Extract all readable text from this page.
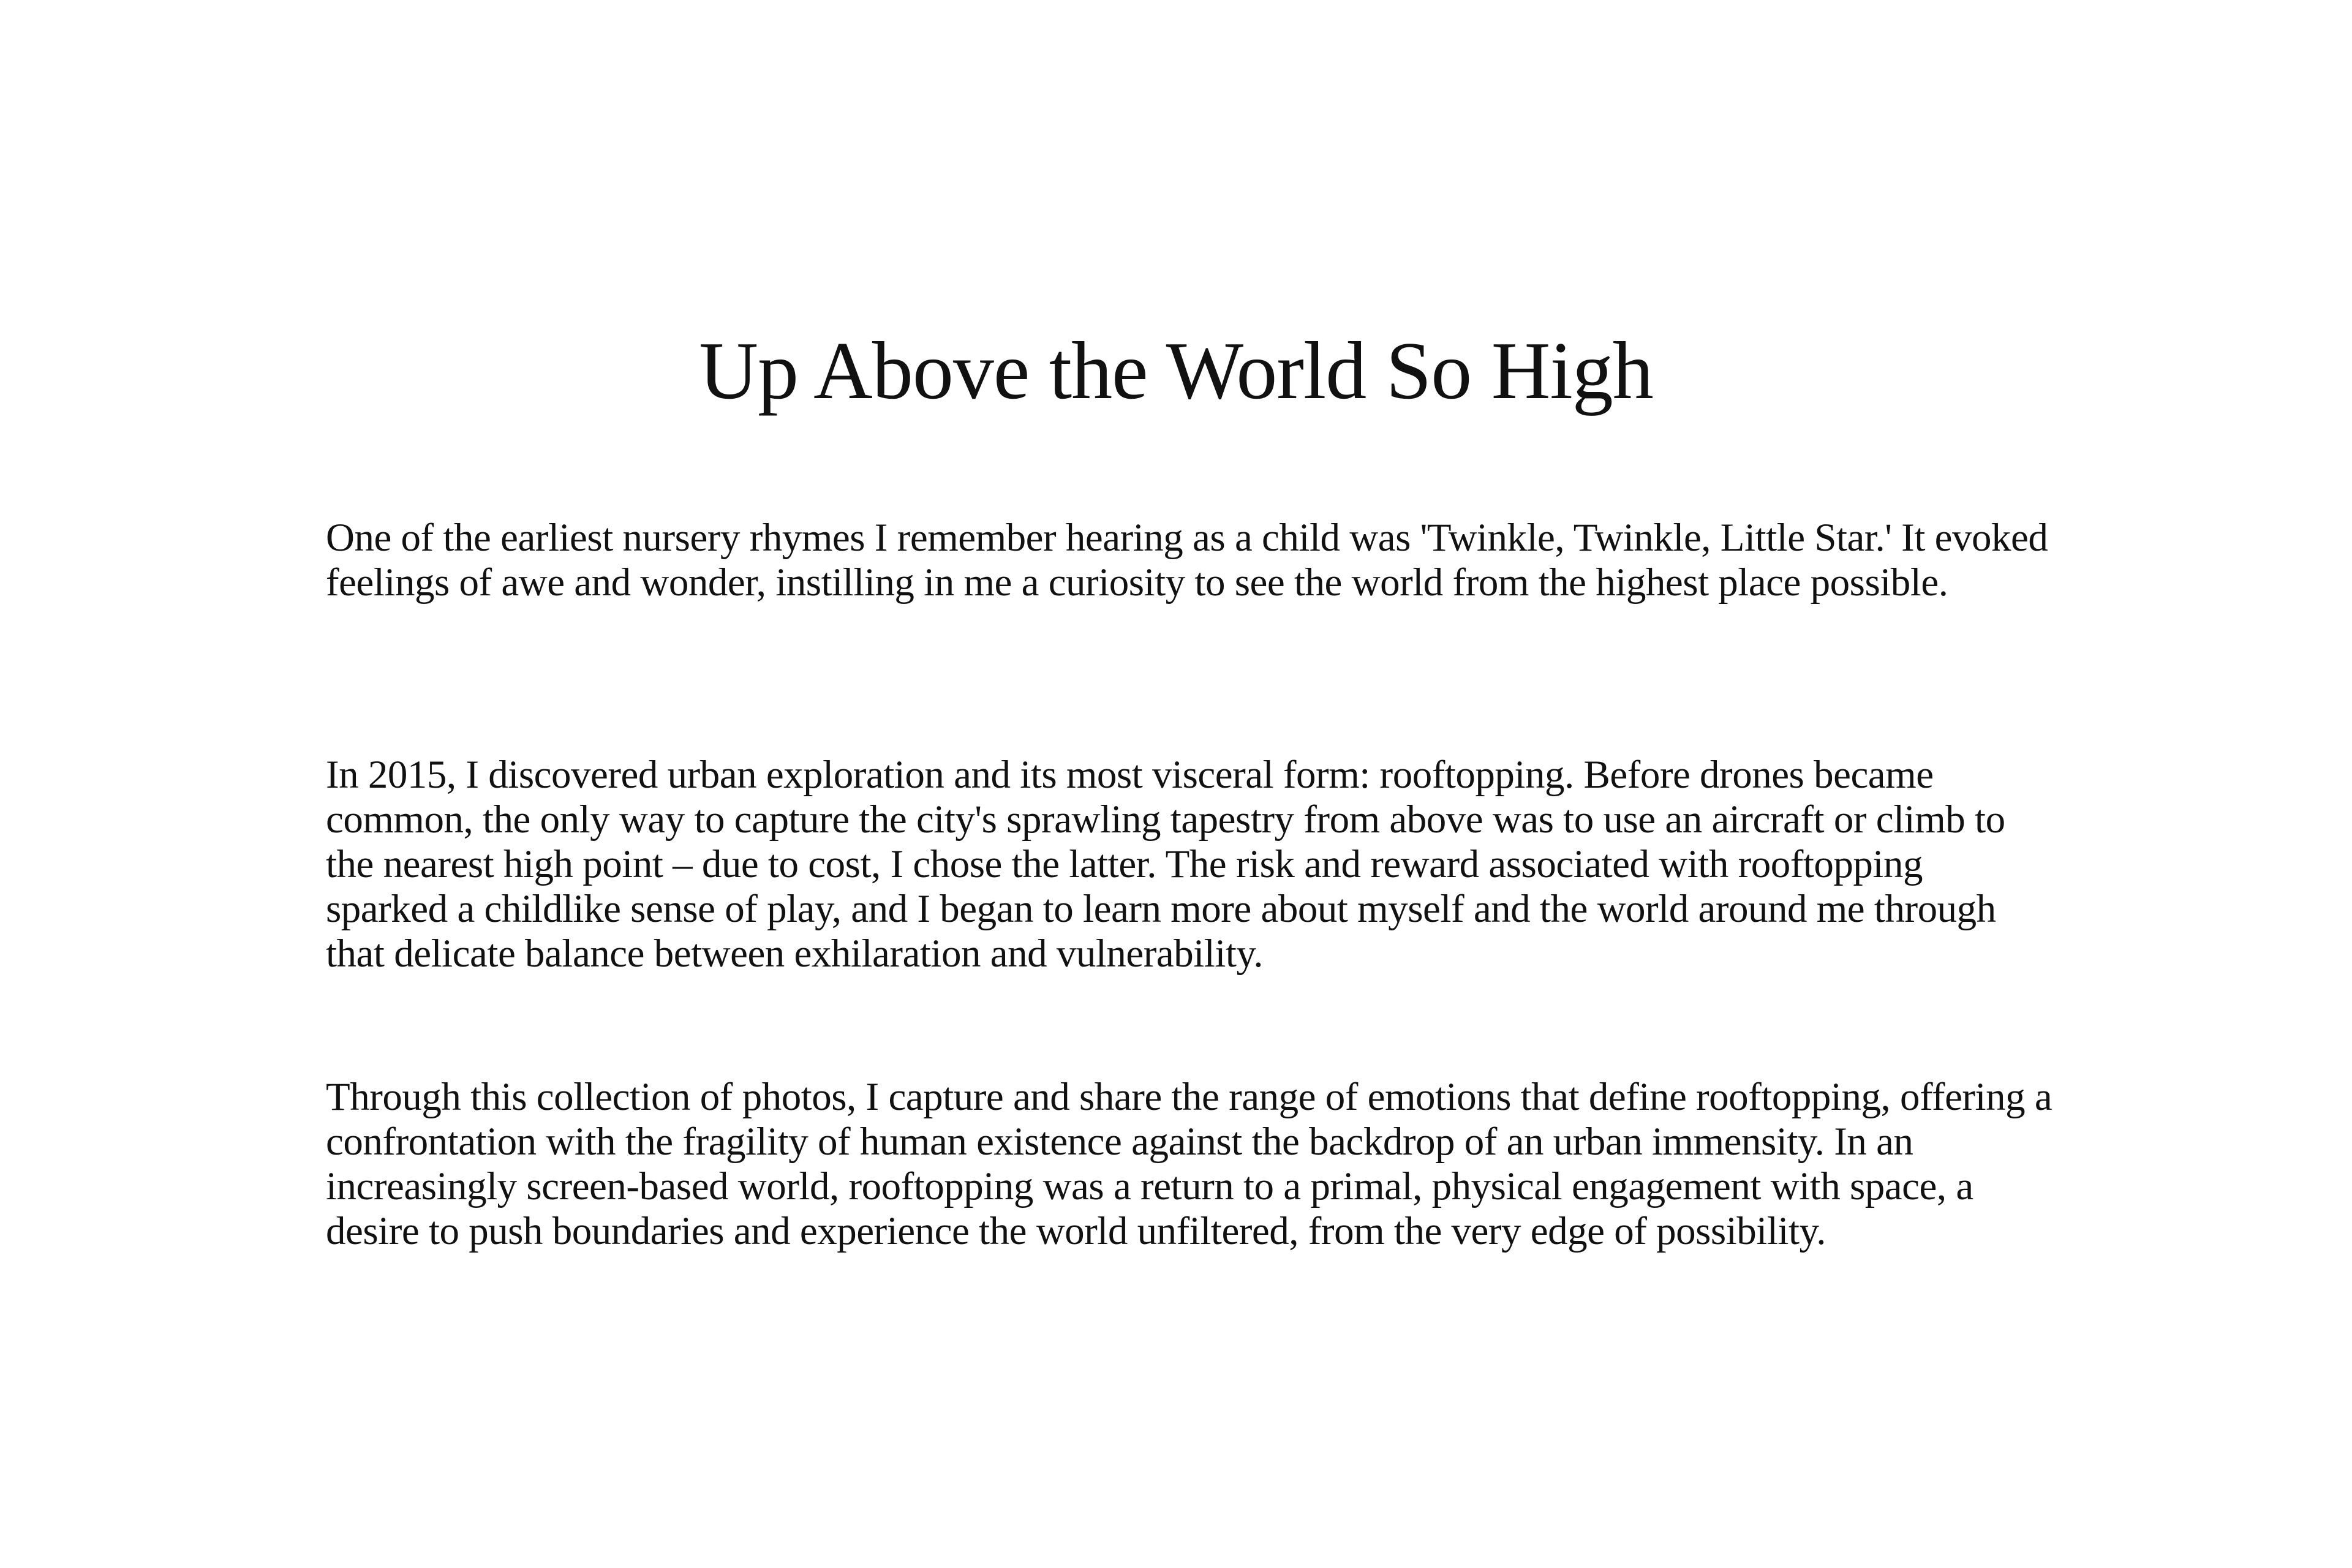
Up Above the World So High

One of the earliest nursery rhymes I remember hearing as a child was 'Twinkle, Twinkle, Little Star.' It evoked feelings of awe and wonder, instilling in me a curiosity to see the world from the highest place possible.

In 2015, I discovered urban exploration and its most visceral form: rooftopping. Before drones became common, the only way to capture the city's sprawling tapestry from above was to use an aircraft or climb to the nearest high point – due to cost, I chose the latter. The risk and reward associated with rooftopping sparked a childlike sense of play, and I began to learn more about myself and the world around me through that delicate balance between exhilaration and vulnerability.

Through this collection of photos, I capture and share the range of emotions that define rooftopping, offering a confrontation with the fragility of human existence against the backdrop of an urban immensity. In an increasingly screen-based world, rooftopping was a return to a primal, physical engagement with space, a desire to push boundaries and experience the world unfiltered, from the very edge of possibility.
